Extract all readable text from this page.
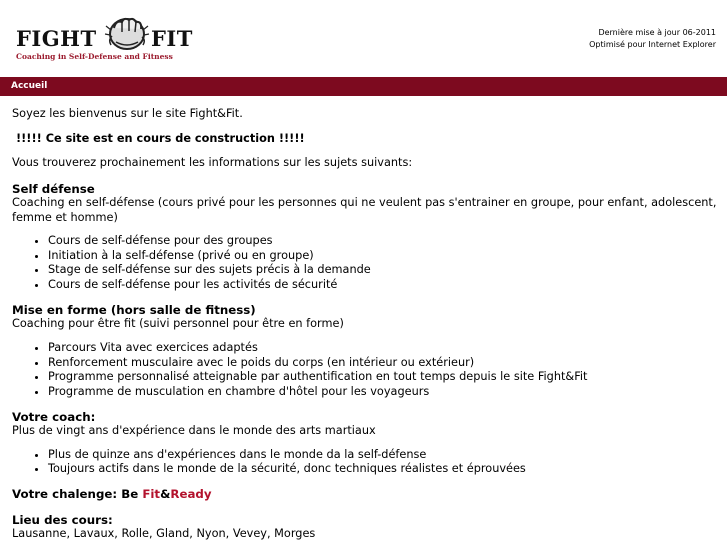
FIGHT	FIT
Coaching in Self-Defense and Fitness
Dernière mise à jour 06-2011
Optimisé pour Internet Explorer
Accueil

Soyez les bienvenus sur le site Fight&Fit.

!!!!! Ce site est en cours de construction !!!!!

Vous trouverez prochainement les informations sur les sujets suivants:

Self défense

Coaching en self-défense (cours privé pour les personnes qui ne veulent pas s'entrainer en groupe, pour enfant, adolescent, femme et homme)

• Cours de self-défense pour des groupes
• Initiation à la self-défense (privé ou en groupe)
• Stage de self-défense sur des sujets précis à la demande
• Cours de self-défense pour les activités de sécurité

Mise en forme (hors salle de fitness)

Coaching pour être fit (suivi personnel pour être en forme)

• Parcours Vita avec exercices adaptés
• Renforcement musculaire avec le poids du corps (en intérieur ou extérieur)
• Programme personnalisé atteignable par authentification en tout temps depuis le site Fight&Fit
• Programme de musculation en chambre d'hôtel pour les voyageurs

Votre coach:

Plus de vingt ans d'expérience dans le monde des arts martiaux

• Plus de quinze ans d'expériences dans le monde da la self-défense
• Toujours actifs dans le monde de la sécurité, donc techniques réalistes et éprouvées

Votre chalenge: Be Fit&Ready

Lieu des cours:

Lausanne, Lavaux, Rolle, Gland, Nyon, Vevey, Morges
